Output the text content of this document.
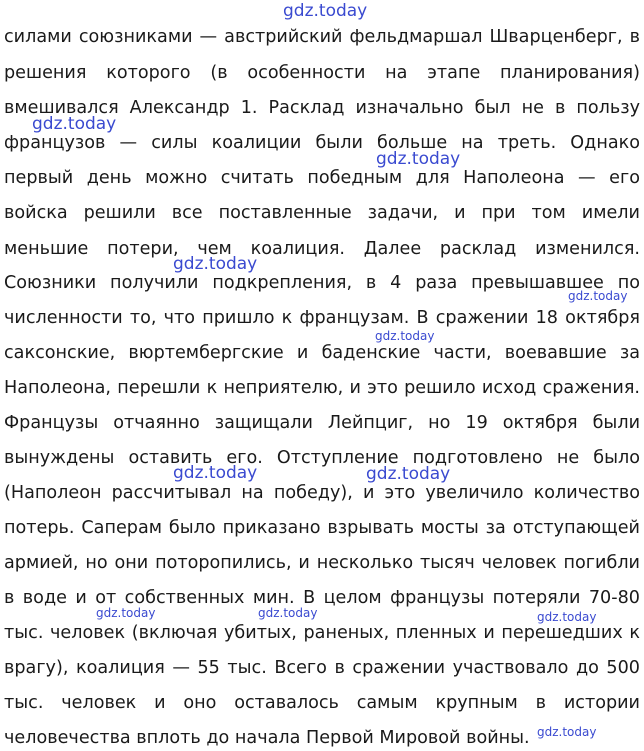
силами союзниками — австрийский фельдмаршал Шварценберг, в
решения которого (в особенности на этапе планирования)
вмешивался Александр 1. Расклад изначально был не в пользу
французов — силы коалиции были больше на треть. Однако
первый день можно считать победным для Наполеона — его
войска решили все поставленные задачи, и при том имели
меньшие потери, чем коалиция. Далее расклад изменился.
Союзники получили подкрепления, в 4 раза превышавшее по
численности то, что пришло к французам. В сражении 18 октября
саксонские, вюртембергские и баденские части, воевавшие за
Наполеона, перешли к неприятелю, и это решило исход сражения.
Французы отчаянно защищали Лейпциг, но 19 октября были
вынуждены оставить его. Отступление подготовлено не было
(Наполеон рассчитывал на победу), и это увеличило количество
потерь. Саперам было приказано взрывать мосты за отступающей
армией, но они поторопились, и несколько тысяч человек погибли
в воде и от собственных мин. В целом французы потеряли 70-80
тыс. человек (включая убитых, раненых, пленных и перешедших к
врагу), коалиция — 55 тыс. Всего в сражении участвовало до 500
тыс. человек и оно оставалось самым крупным в истории
человечества вплоть до начала Первой Мировой войны.
gdz.today
gdz.today
gdz.today
gdz.today
gdz.today
gdz.today
gdz.today	gdz.today
gdz.today	gdz.today	gdz.today
gdz.today
